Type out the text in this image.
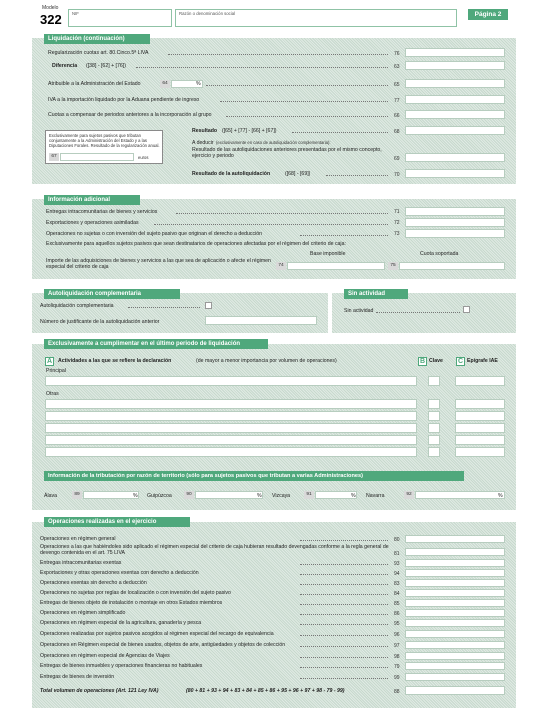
Modelo
322 NIF	Razón o denominación social	Página 2
Liquidación (continuación)
Regularización cuotas art. 80.Cinco.5ª LIVA	76
Diferencia ([38] - [62] + [76])	63
Atribuible a la Administración del Estado	64	%	65
IVA a la importación liquidado por la Aduana pendiente de ingreso	77
Cuotas a compensar de periodos anteriores a la incorporación al grupo	66
Exclusivamente para sujetos pasivos que tributan conjuntamente a la Administración del Estado y a las Diputaciones Forales. Resultado de la regularización anual.
67	euros
Resultado ([65] + [77] - [66] + [67])	68
A deducir (exclusivamente en caso de autoliquidación complementaria):
Resultado de las autoliquidaciones anteriores presentadas por el mismo concepto, ejercicio y periodo	69
Resultado de la autoliquidación	([68] - [69])	70
Información adicional
Entregas intracomunitarias de bienes y servicios	71
Exportaciones y operaciones asimiladas	72
Operaciones no sujetas o con inversión del sujeto pasivo que originan el derecho a deducción	73
Exclusivamente para aquellos sujetos pasivos que sean destinatarios de operaciones afectadas por el régimen del criterio de caja:
Base imponible	Cuota soportada
Importe de las adquisiciones de bienes y servicios a las que sea de aplicación o afecte el régimen especial del criterio de caja	74	75
Autoliquidación complementaria
Autoliquidación complementaria
Número de justificante de la autoliquidación anterior
Sin actividad
Sin actividad
Exclusivamente a cumplimentar en el último periodo de liquidación
A	Actividades a las que se refiere la declaración	(de mayor a menor importancia por volumen de operaciones)	B Clave C Epígrafe IAE
Principal
Otras
Información de la tributación por razón de territorio (sólo para sujetos pasivos que tributan a varias Administraciones)
Álava	89	% Guipúzcoa	90	% Vizcaya	91	% Navarra	92	%
Operaciones realizadas en el ejercicio
Operaciones en régimen general	80
Operaciones a las que habiéndoles sido aplicado el régimen especial del criterio de caja hubieran resultado devengadas conforme a la regla general de devengo contenida en el art. 75 LIVA	81
Entregas intracomunitarias exentas	93
Exportaciones y otras operaciones exentas con derecho a deducción	94
Operaciones exentas sin derecho a deducción	83
Operaciones no sujetas por reglas de localización o con inversión del sujeto pasivo	84
Entregas de bienes objeto de instalación o montaje en otros Estados miembros	85
Operaciones en régimen simplificado	86
Operaciones en régimen especial de la agricultura, ganadería y pesca	95
Operaciones realizadas por sujetos pasivos acogidos al régimen especial del recargo de equivalencia	96
Operaciones en Régimen especial de bienes usados, objetos de arte, antigüedades y objetos de colección	97
Operaciones en régimen especial de Agencias de Viajes	98
Entregas de bienes inmuebles y operaciones financieras no habituales	79
Entregas de bienes de inversión	99
Total volumen de operaciones (Art. 121 Ley IVA)	(80 + 81 + 93 + 94 + 83 + 84 + 85 + 86 + 95 + 96 + 97 + 98 - 79 - 99)	88
